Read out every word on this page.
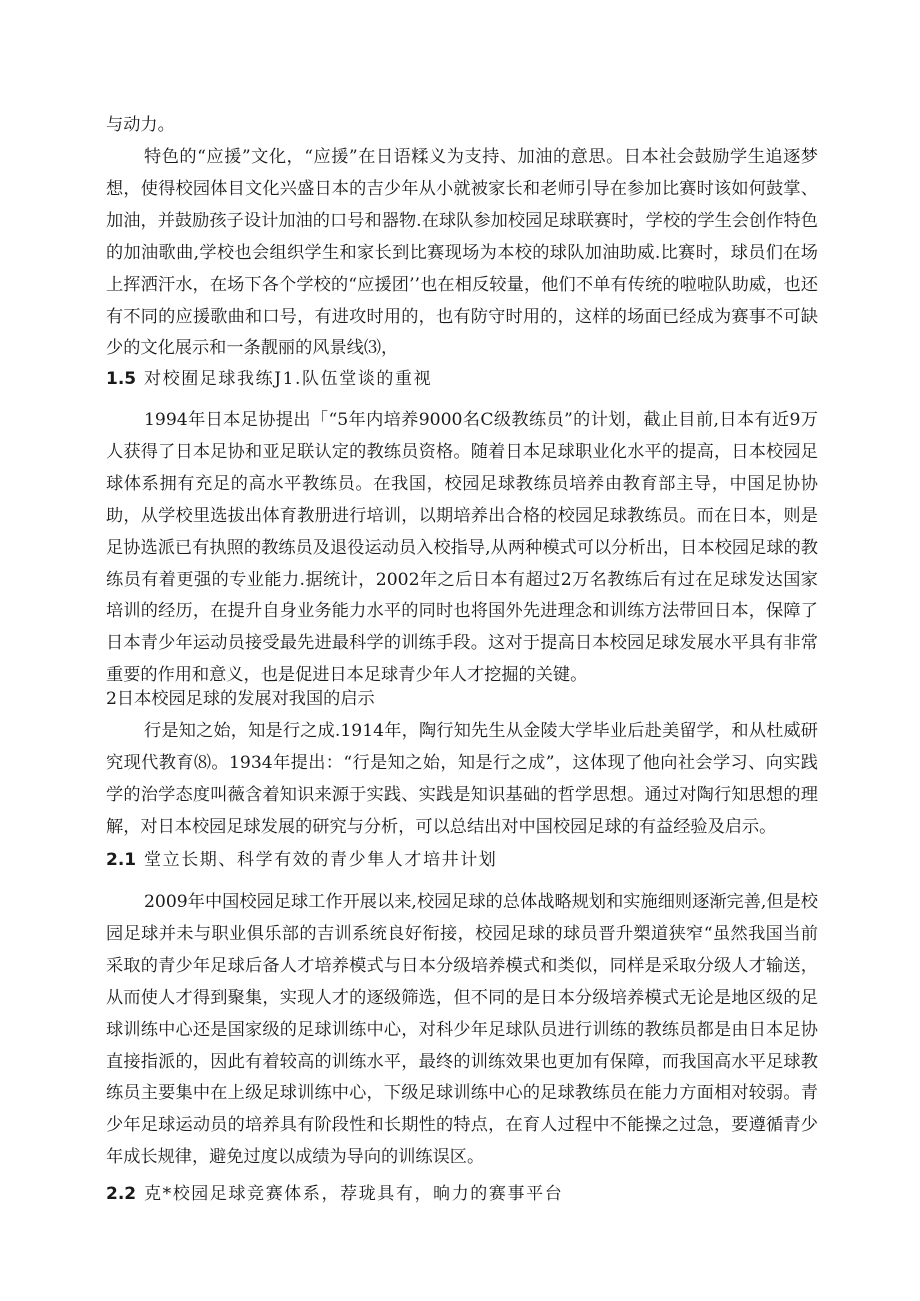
与动力。

特色的“应援”文化，“应援”在日语糅义为支持、加油的意思。日本社会鼓励学生追逐梦想，使得校园体目文化兴盛日本的吉少年从小就被家长和老师引导在参加比赛时该如何鼓掌、加油，并鼓励孩子设计加油的口号和器物.在球队参加校园足球联赛时，学校的学生会创作特色的加油歌曲,学校也会组织学生和家长到比赛现场为本校的球队加油助威.比赛时，球员们在场上挥洒汗水，在场下各个学校的“应援团’’也在相反较量，他们不单有传统的啦啦队助威，也还有不同的应援歌曲和口号，有进攻时用的，也有防守时用的，这样的场面已经成为赛事不可缺少的文化展示和一条靓丽的风景线⑶，

1.5 对校囿足球我练J1.队伍堂谈的重视

1994年日本足协提出「“5年内培养9000名C级教练员”的计划，截止目前,日本有近9万人获得了日本足协和亚足联认定的教练员资格。随着日本足球职业化水平的提高，日本校园足球体系拥有充足的高水平教练员。在我国，校园足球教练员培养由教育部主导，中国足协协助，从学校里选拔出体育教册进行培训，以期培养出合格的校园足球教练员。而在日本，则是足协选派已有执照的教练员及退役运动员入校指导,从两种模式可以分析出，日本校园足球的教练员有着更强的专业能力.据统计，2002年之后日本有超过2万名教练后有过在足球发达国家培训的经历，在提升自身业务能力水平的同时也将国外先进理念和训练方法带回日本，保障了日本青少年运动员接受最先进最科学的训练手段。这对于提高日本校园足球发展水平具有非常重要的作用和意义，也是促进日本足球青少年人才挖掘的关键。

2日本校园足球的发展对我国的启示

行是知之始，知是行之成.1914年，陶行知先生从金陵大学毕业后赴美留学，和从杜威研究现代教育⑻。1934年提出：“行是知之始，知是行之成”，这体现了他向社会学习、向实践学的治学态度叫薇含着知识来源于实践、实践是知识基础的哲学思想。通过对陶行知思想的理解，对日本校园足球发展的研究与分析，可以总结出对中国校园足球的有益经验及启示。

2.1 堂立长期、科学有效的青少隼人才培井计划

2009年中国校园足球工作开展以来,校园足球的总体战略规划和实施细则逐渐完善,但是校园足球并未与职业俱乐部的吉训系统良好衔接，校园足球的球员晋升槊道狭窄“虽然我国当前采取的青少年足球后备人才培养模式与日本分级培养模式和类似，同样是采取分级人才输送，从而使人才得到聚集，实现人才的逐级筛选，但不同的是日本分级培养模式无论是地区级的足球训练中心还是国家级的足球训练中心，对科少年足球队员进行训练的教练员都是由日本足协直接指派的，因此有着较高的训练水平，最终的训练效果也更加有保障，而我国高水平足球教练员主要集中在上级足球训练中心，下级足球训练中心的足球教练员在能力方面相对较弱。青少年足球运动员的培养具有阶段性和长期性的特点，在育人过程中不能操之过急，要遵循青少年成长规律，避免过度以成绩为导向的训练误区。

2.2 克*校园足球竞赛体系，荐珑具有，晌力的赛事平台
